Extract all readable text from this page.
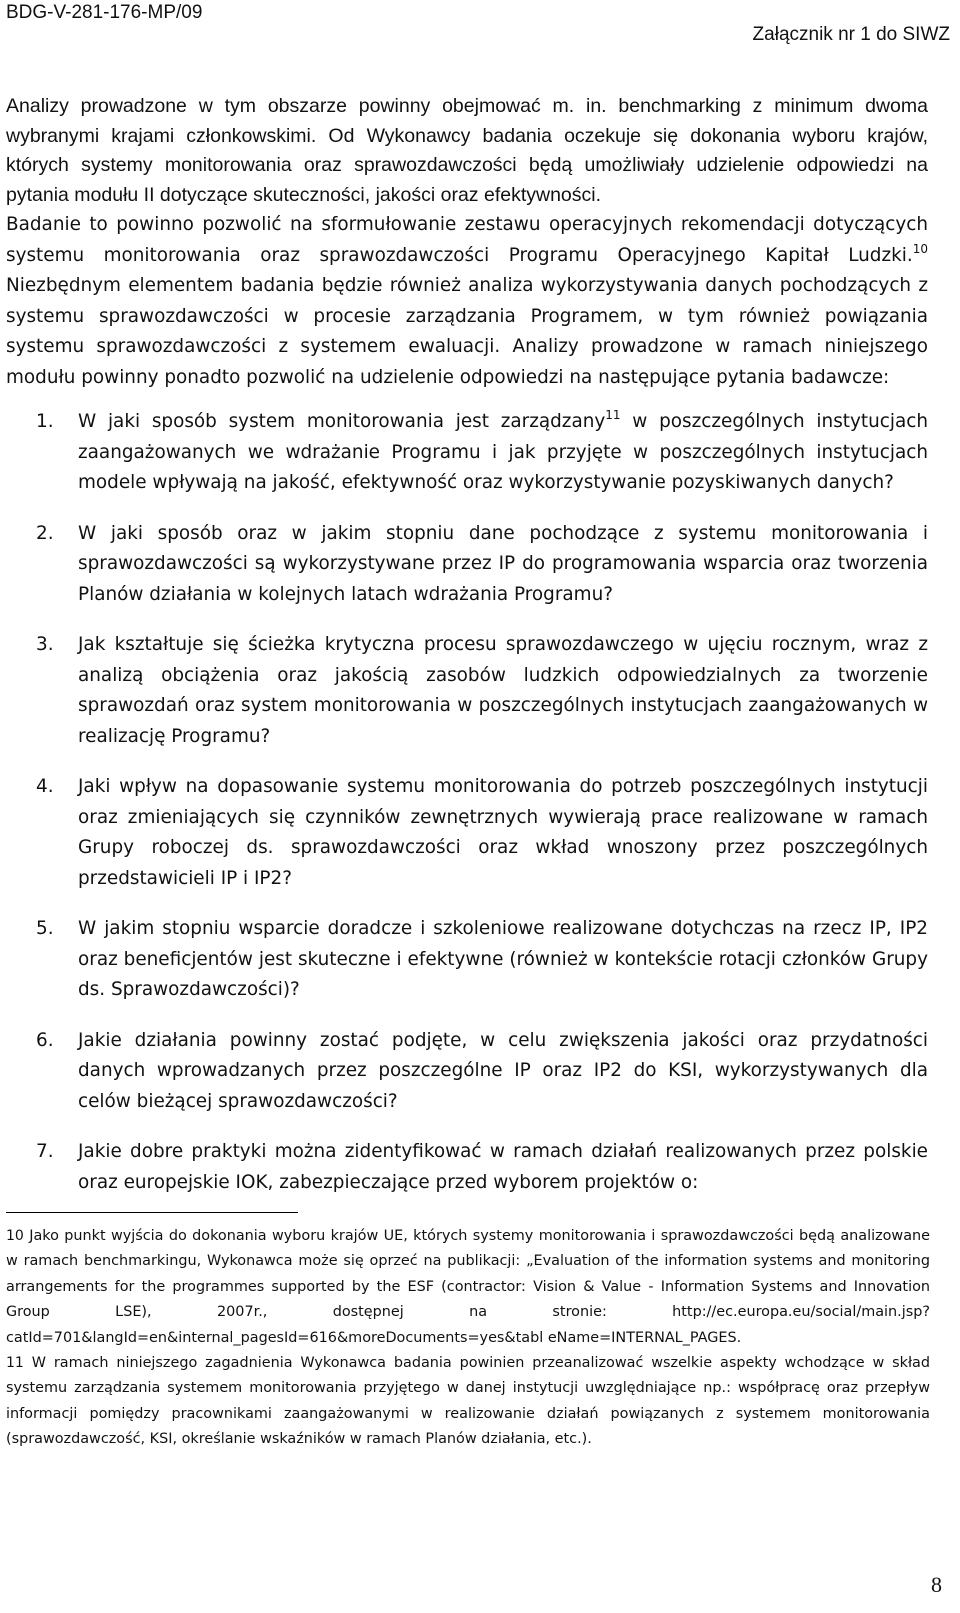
BDG-V-281-176-MP/09
Załącznik nr 1 do SIWZ

Analizy prowadzone w tym obszarze powinny obejmować m. in. benchmarking z minimum dwoma wybranymi krajami członkowskimi. Od Wykonawcy badania oczekuje się dokonania wyboru krajów, których systemy monitorowania oraz sprawozdawczości będą umożliwiały udzielenie odpowiedzi na pytania modułu II dotyczące skuteczności, jakości oraz efektywności.

Badanie to powinno pozwolić na sformułowanie zestawu operacyjnych rekomendacji dotyczących systemu monitorowania oraz sprawozdawczości Programu Operacyjnego Kapitał Ludzki.$^{10}$ Niezbędnym elementem badania będzie również analiza wykorzystywania danych pochodzących z systemu sprawozdawczości w procesie zarządzania Programem, w tym również powiązania systemu sprawozdawczości z systemem ewaluacji. Analizy prowadzone w ramach niniejszego modułu powinny ponadto pozwolić na udzielenie odpowiedzi na następujące pytania badawcze:

1.	W jaki sposób system monitorowania jest zarządzany$^{11}$ w poszczególnych instytucjach zaangażowanych we wdrażanie Programu i jak przyjęte w poszczególnych instytucjach modele wpływają na jakość, efektywność oraz wykorzystywanie pozyskiwanych danych?
2.	W jaki sposób oraz w jakim stopniu dane pochodzące z systemu monitorowania i sprawozdawczości są wykorzystywane przez IP do programowania wsparcia oraz tworzenia Planów działania w kolejnych latach wdrażania Programu?
3.	Jak kształtuje się ścieżka krytyczna procesu sprawozdawczego w ujęciu rocznym, wraz z analizą obciążenia oraz jakością zasobów ludzkich odpowiedzialnych za tworzenie sprawozdań oraz system monitorowania w poszczególnych instytucjach zaangażowanych w realizację Programu?
4.	Jaki wpływ na dopasowanie systemu monitorowania do potrzeb poszczególnych instytucji oraz zmieniających się czynników zewnętrznych wywierają prace realizowane w ramach Grupy roboczej ds. sprawozdawczości oraz wkład wnoszony przez poszczególnych przedstawicieli IP i IP2?
5.	W jakim stopniu wsparcie doradcze i szkoleniowe realizowane dotychczas na rzecz IP, IP2 oraz beneficjentów jest skuteczne i efektywne (również w kontekście rotacji członków Grupy ds. Sprawozdawczości)?
6.	Jakie działania powinny zostać podjęte, w celu zwiększenia jakości oraz przydatności danych wprowadzanych przez poszczególne IP oraz IP2 do KSI, wykorzystywanych dla celów bieżącej sprawozdawczości?
7.	Jakie dobre praktyki można zidentyfikować w ramach działań realizowanych przez polskie oraz europejskie IOK, zabezpieczające przed wyborem projektów o:

10 Jako punkt wyjścia do dokonania wyboru krajów UE, których systemy monitorowania i sprawozdawczości będą analizowane w ramach benchmarkingu, Wykonawca może się oprzeć na publikacji: „Evaluation of the information systems and monitoring arrangements for the programmes supported by the ESF (contractor: Vision & Value - Information Systems and Innovation Group LSE), 2007r., dostępnej na stronie: http://ec.europa.eu/social/main.jsp?catId=701&langId=en&internal_pagesId=616&moreDocuments=yes&tabl eName=INTERNAL_PAGES.

11 W ramach niniejszego zagadnienia Wykonawca badania powinien przeanalizować wszelkie aspekty wchodzące w skład systemu zarządzania systemem monitorowania przyjętego w danej instytucji uwzględniające np.: współpracę oraz przepływ informacji pomiędzy pracownikami zaangażowanymi w realizowanie działań powiązanych z systemem monitorowania (sprawozdawczość, KSI, określanie wskaźników w ramach Planów działania, etc.).

8
